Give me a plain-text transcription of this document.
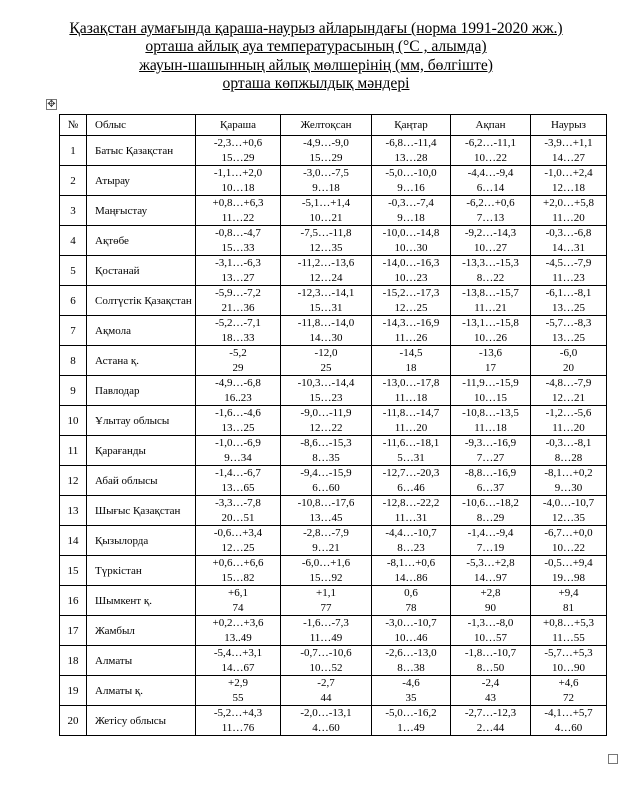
Қазақстан аумағында қараша-наурыз айларындағы (норма 1991-2020 жж.)
орташа айлық ауа температурасының (°С , алымда)
жауын-шашынның айлық мөлшерінің (мм, бөлгіште)
орташа көпжылдық мәндері
✥
№	Облыс	Қараша	Желтоқсан	Қаңтар	Ақпан	Наурыз
1	Батыс Қазақстан	-2,3…+0,6	-4,9…-9,0	-6,8…-11,4	-6,2…-11,1	-3,9…+1,1
		15…29	15…29	13…28	10…22	14…27
2	Атырау	-1,1…+2,0	-3,0…-7,5	-5,0…-10,0	-4,4…-9,4	-1,0…+2,4
		10…18	9…18	9…16	6…14	12…18
3	Маңғыстау	+0,8…+6,3	-5,1…+1,4	-0,3…-7,4	-6,2…+0,6	+2,0…+5,8
		11…22	10…21	9…18	7…13	11…20
4	Ақтөбе	-0,8…-4,7	-7,5…-11,8	-10,0…-14,8	-9,2…-14,3	-0,3…-6,8
		15…33	12…35	10…30	10…27	14…31
5	Қостанай	-3,1…-6,3	-11,2…-13,6	-14,0…-16,3	-13,3…-15,3	-4,5…-7,9
		13…27	12…24	10…23	8…22	11…23
6	Солтүстік Қазақстан	-5,9…-7,2	-12,3…-14,1	-15,2…-17,3	-13,8…-15,7	-6,1…-8,1
		21…36	15…31	12…25	11…21	13…25
7	Ақмола	-5,2…-7,1	-11,8…-14,0	-14,3…-16,9	-13,1…-15,8	-5,7…-8,3
		18…33	14…30	11…26	10…26	13…25
8	Астана қ.	-5,2	-12,0	-14,5	-13,6	-6,0
		29	25	18	17	20
9	Павлодар	-4,9…-6,8	-10,3…-14,4	-13,0…-17,8	-11,9…-15,9	-4,8…-7,9
		16..23	15…23	11…18	10…15	12…21
10	Ұлытау облысы	-1,6…-4,6	-9,0…-11,9	-11,8…-14,7	-10,8…-13,5	-1,2…-5,6
		13…25	12…22	11…20	11…18	11…20
11	Қарағанды	-1,0…-6,9	-8,6…-15,3	-11,6…-18,1	-9,3…-16,9	-0,3…-8,1
		9…34	8…35	5…31	7…27	8…28
12	Абай облысы	-1,4…-6,7	-9,4…-15,9	-12,7…-20,3	-8,8…-16,9	-8,1…+0,2
		13…65	6…60	6…46	6…37	9…30
13	Шығыс Қазақстан	-3,3…-7,8	-10,8…-17,6	-12,8…-22,2	-10,6…-18,2	-4,0…-10,7
		20…51	13…45	11…31	8…29	12…35
14	Қызылорда	-0,6…+3,4	-2,8…-7,9	-4,4…-10,7	-1,4…-9,4	-6,7…+0,0
		12…25	9…21	8…23	7…19	10…22
15	Түркістан	+0,6…+6,6	-6,0…+1,6	-8,1…+0,6	-5,3…+2,8	-0,5…+9,4
		15…82	15…92	14…86	14…97	19…98
16	Шымкент қ.	+6,1	+1,1	0,6	+2,8	+9,4
		74	77	78	90	81
17	Жамбыл	+0,2…+3,6	-1,6…-7,3	-3,0…-10,7	-1,3…-8,0	+0,8…+5,3
		13..49	11…49	10…46	10…57	11…55
18	Алматы	-5,4…+3,1	-0,7…-10,6	-2,6…-13,0	-1,8…-10,7	-5,7…+5,3
		14…67	10…52	8…38	8…50	10…90
19	Алматы қ.	+2,9	-2,7	-4,6	-2,4	+4,6
		55	44	35	43	72
20	Жетісу облысы	-5,2…+4,3	-2,0…-13,1	-5,0…-16,2	-2,7…-12,3	-4,1…+5,7
		11…76	4…60	1…49	2…44	4…60
